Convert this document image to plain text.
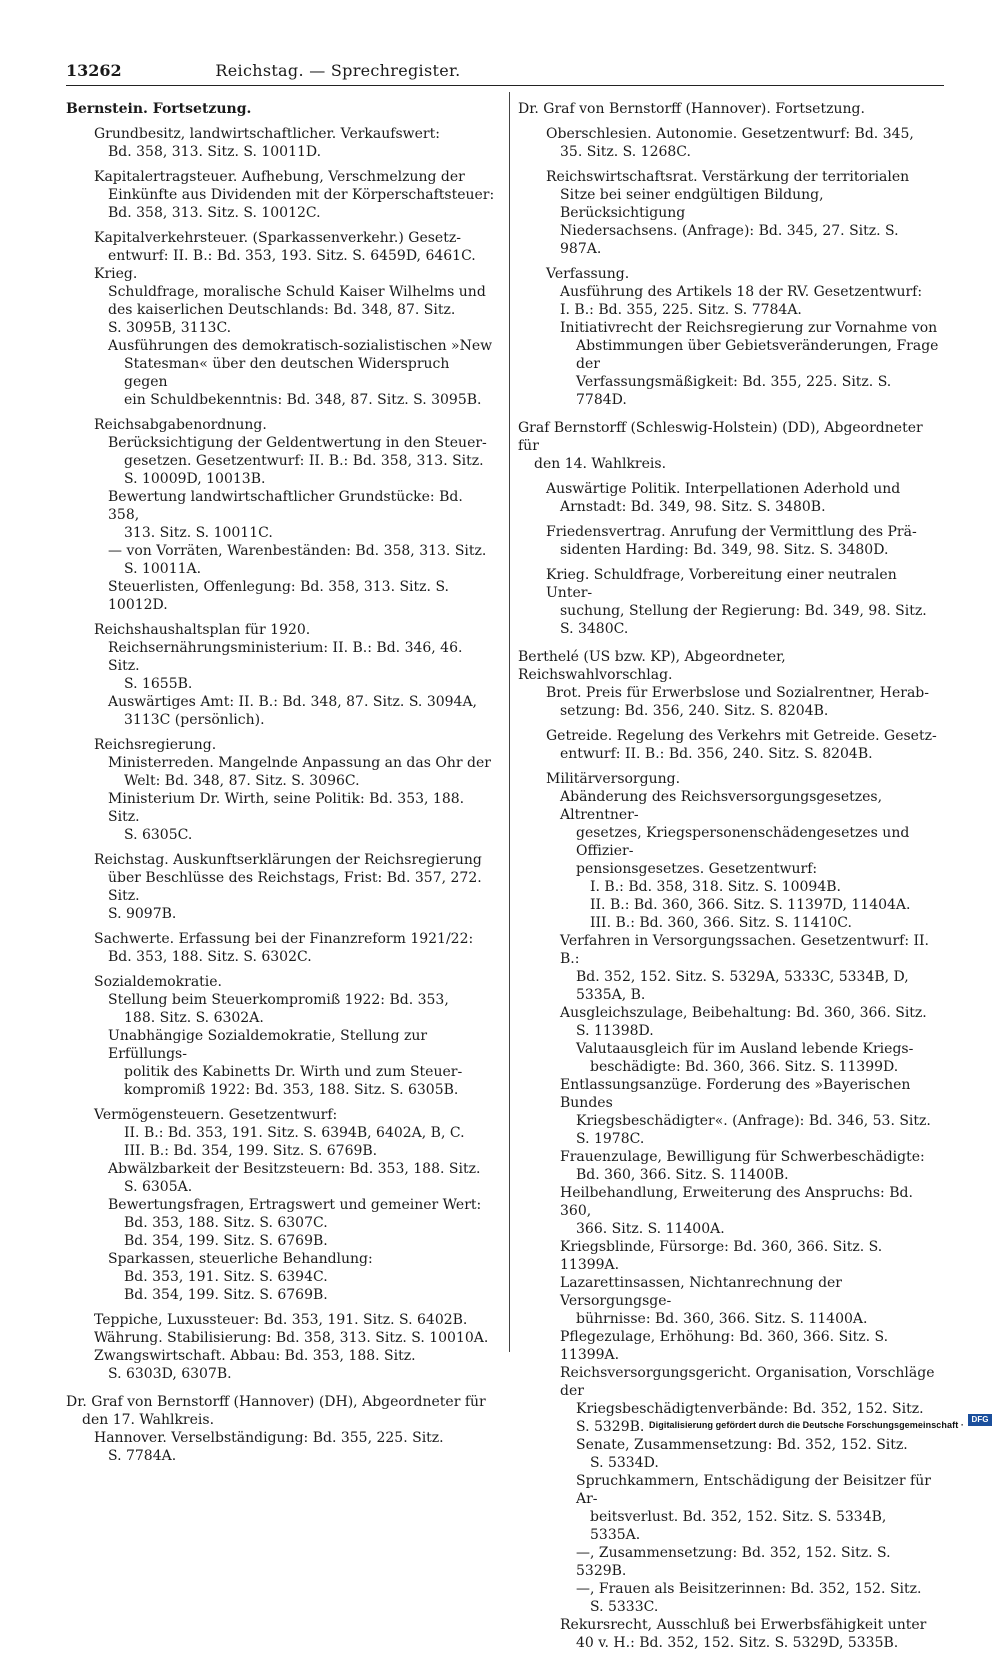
13262	Reichstag. — Sprechregister.
Bernstein. Fortsetzung.
Grundbesitz, landwirtschaftlicher. Verkaufswert:
Bd. 358, 313. Sitz. S. 10011D.
Kapitalertragsteuer. Aufhebung, Verschmelzung der
Einkünfte aus Dividenden mit der Körperschaftsteuer:
Bd. 358, 313. Sitz. S. 10012C.
Kapitalverkehrsteuer. (Sparkassenverkehr.) Gesetz-
entwurf: II. B.: Bd. 353, 193. Sitz. S. 6459D, 6461C.
Krieg.
Schuldfrage, moralische Schuld Kaiser Wilhelms und
des kaiserlichen Deutschlands: Bd. 348, 87. Sitz.
S. 3095B, 3113C.
Ausführungen des demokratisch-sozialistischen »New
Statesman« über den deutschen Widerspruch gegen
ein Schuldbekenntnis: Bd. 348, 87. Sitz. S. 3095B.
Reichsabgabenordnung.
Berücksichtigung der Geldentwertung in den Steuer-
gesetzen. Gesetzentwurf: II. B.: Bd. 358, 313. Sitz.
S. 10009D, 10013B.
Bewertung landwirtschaftlicher Grundstücke: Bd. 358,
313. Sitz. S. 10011C.
— von Vorräten, Warenbeständen: Bd. 358, 313. Sitz.
S. 10011A.
Steuerlisten, Offenlegung: Bd. 358, 313. Sitz. S. 10012D.
Reichshaushaltsplan für 1920.
Reichsernährungsministerium: II. B.: Bd. 346, 46. Sitz.
S. 1655B.
Auswärtiges Amt: II. B.: Bd. 348, 87. Sitz. S. 3094A,
3113C (persönlich).
Reichsregierung.
Ministerreden. Mangelnde Anpassung an das Ohr der
Welt: Bd. 348, 87. Sitz. S. 3096C.
Ministerium Dr. Wirth, seine Politik: Bd. 353, 188. Sitz.
S. 6305C.
Reichstag. Auskunftserklärungen der Reichsregierung
über Beschlüsse des Reichstags, Frist: Bd. 357, 272. Sitz.
S. 9097B.
Sachwerte. Erfassung bei der Finanzreform 1921/22:
Bd. 353, 188. Sitz. S. 6302C.
Sozialdemokratie.
Stellung beim Steuerkompromiß 1922: Bd. 353,
188. Sitz. S. 6302A.
Unabhängige Sozialdemokratie, Stellung zur Erfüllungs-
politik des Kabinetts Dr. Wirth und zum Steuer-
kompromiß 1922: Bd. 353, 188. Sitz. S. 6305B.
Vermögensteuern. Gesetzentwurf:
II. B.: Bd. 353, 191. Sitz. S. 6394B, 6402A, B, C.
III. B.: Bd. 354, 199. Sitz. S. 6769B.
Abwälzbarkeit der Besitzsteuern: Bd. 353, 188. Sitz.
S. 6305A.
Bewertungsfragen, Ertragswert und gemeiner Wert:
Bd. 353, 188. Sitz. S. 6307C.
Bd. 354, 199. Sitz. S. 6769B.
Sparkassen, steuerliche Behandlung:
Bd. 353, 191. Sitz. S. 6394C.
Bd. 354, 199. Sitz. S. 6769B.
Teppiche, Luxussteuer: Bd. 353, 191. Sitz. S. 6402B.
Währung. Stabilisierung: Bd. 358, 313. Sitz. S. 10010A.
Zwangswirtschaft. Abbau: Bd. 353, 188. Sitz.
S. 6303D, 6307B.
Dr. Graf von Bernstorff (Hannover) (DH), Abgeordneter für
den 17. Wahlkreis.
Hannover. Verselbständigung: Bd. 355, 225. Sitz.
S. 7784A.
Dr. Graf von Bernstorff (Hannover). Fortsetzung.
Oberschlesien. Autonomie. Gesetzentwurf: Bd. 345,
35. Sitz. S. 1268C.
Reichswirtschaftsrat. Verstärkung der territorialen
Sitze bei seiner endgültigen Bildung, Berücksichtigung
Niedersachsens. (Anfrage): Bd. 345, 27. Sitz. S. 987A.
Verfassung.
Ausführung des Artikels 18 der RV. Gesetzentwurf:
I. B.: Bd. 355, 225. Sitz. S. 7784A.
Initiativrecht der Reichsregierung zur Vornahme von
Abstimmungen über Gebietsveränderungen, Frage der
Verfassungsmäßigkeit: Bd. 355, 225. Sitz. S. 7784D.
Graf Bernstorff (Schleswig-Holstein) (DD), Abgeordneter für
den 14. Wahlkreis.
Auswärtige Politik. Interpellationen Aderhold und
Arnstadt: Bd. 349, 98. Sitz. S. 3480B.
Friedensvertrag. Anrufung der Vermittlung des Prä-
sidenten Harding: Bd. 349, 98. Sitz. S. 3480D.
Krieg. Schuldfrage, Vorbereitung einer neutralen Unter-
suchung, Stellung der Regierung: Bd. 349, 98. Sitz.
S. 3480C.
Berthelé (US bzw. KP), Abgeordneter, Reichswahlvorschlag.
Brot. Preis für Erwerbslose und Sozialrentner, Herab-
setzung: Bd. 356, 240. Sitz. S. 8204B.
Getreide. Regelung des Verkehrs mit Getreide. Gesetz-
entwurf: II. B.: Bd. 356, 240. Sitz. S. 8204B.
Militärversorgung.
Abänderung des Reichsversorgungsgesetzes, Altrentner-
gesetzes, Kriegspersonenschädengesetzes und Offizier-
pensionsgesetzes. Gesetzentwurf:
I. B.: Bd. 358, 318. Sitz. S. 10094B.
II. B.: Bd. 360, 366. Sitz. S. 11397D, 11404A.
III. B.: Bd. 360, 366. Sitz. S. 11410C.
Verfahren in Versorgungssachen. Gesetzentwurf: II. B.:
Bd. 352, 152. Sitz. S. 5329A, 5333C, 5334B, D,
5335A, B.
Ausgleichszulage, Beibehaltung: Bd. 360, 366. Sitz.
S. 11398D.
Valutaausgleich für im Ausland lebende Kriegs-
beschädigte: Bd. 360, 366. Sitz. S. 11399D.
Entlassungsanzüge. Forderung des »Bayerischen Bundes
Kriegsbeschädigter«. (Anfrage): Bd. 346, 53. Sitz.
S. 1978C.
Frauenzulage, Bewilligung für Schwerbeschädigte:
Bd. 360, 366. Sitz. S. 11400B.
Heilbehandlung, Erweiterung des Anspruchs: Bd. 360,
366. Sitz. S. 11400A.
Kriegsblinde, Fürsorge: Bd. 360, 366. Sitz. S. 11399A.
Lazarettinsassen, Nichtanrechnung der Versorgungsge-
bührnisse: Bd. 360, 366. Sitz. S. 11400A.
Pflegezulage, Erhöhung: Bd. 360, 366. Sitz. S. 11399A.
Reichsversorgungsgericht. Organisation, Vorschläge der
Kriegsbeschädigtenverbände: Bd. 352, 152. Sitz.
S. 5329B.
Senate, Zusammensetzung: Bd. 352, 152. Sitz.
S. 5334D.
Spruchkammern, Entschädigung der Beisitzer für Ar-
beitsverlust. Bd. 352, 152. Sitz. S. 5334B,
5335A.
—, Zusammensetzung: Bd. 352, 152. Sitz. S. 5329B.
—, Frauen als Beisitzerinnen: Bd. 352, 152. Sitz.
S. 5333C.
Rekursrecht, Ausschluß bei Erwerbsfähigkeit unter
40 v. H.: Bd. 352, 152. Sitz. S. 5329D, 5335B.
Digitalisierung gefördert durch die Deutsche Forschungsgemeinschaft ·
DFG
